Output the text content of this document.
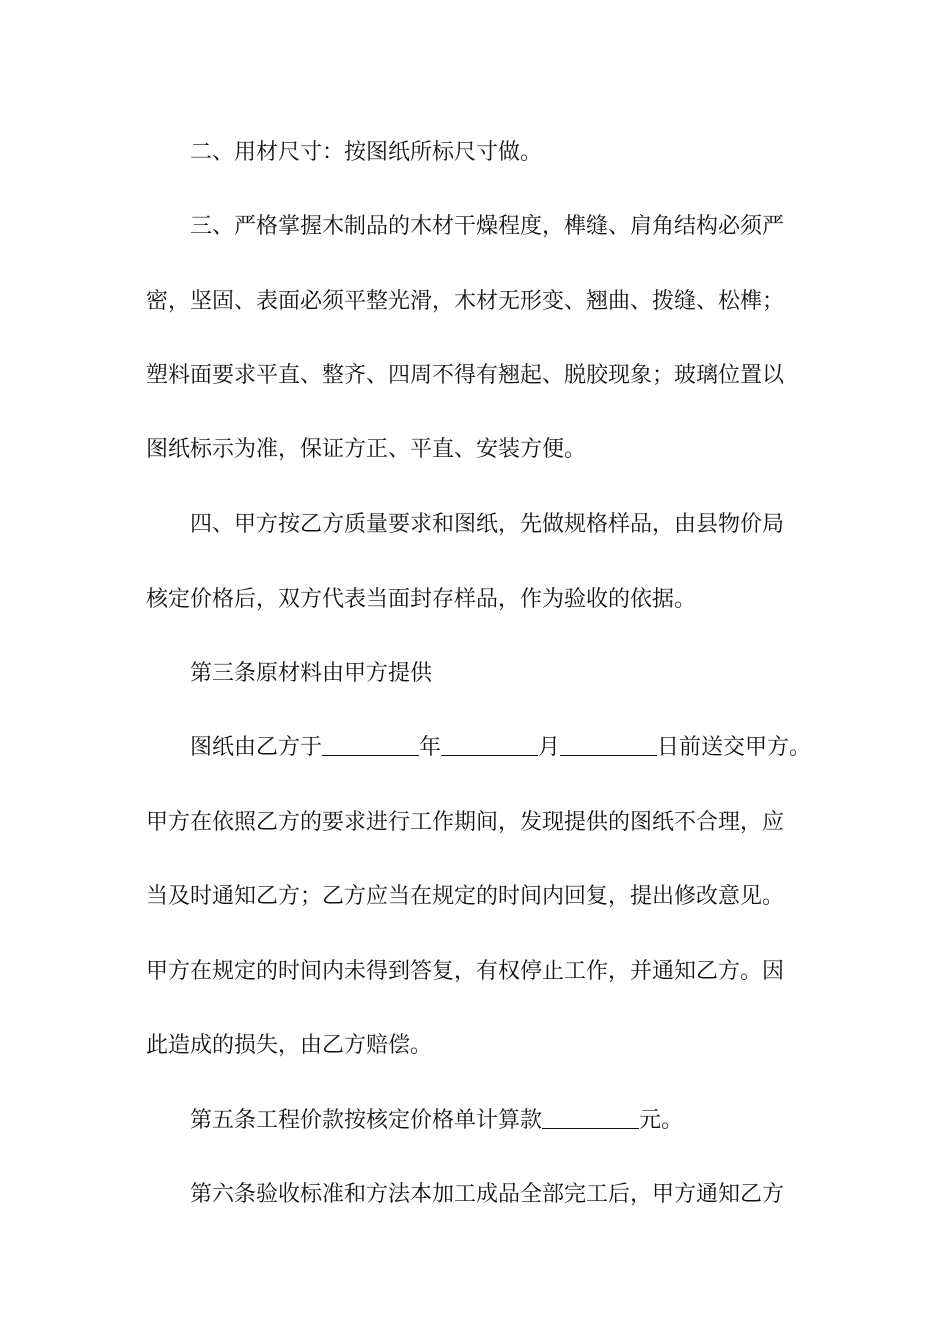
二、用材尺寸：按图纸所标尺寸做。
三、严格掌握木制品的木材干燥程度，榫缝、肩角结构必须严
密，坚固、表面必须平整光滑，木材无形变、翘曲、拨缝、松榫；
塑料面要求平直、整齐、四周不得有翘起、脱胶现象；玻璃位置以
图纸标示为准，保证方正、平直、安装方便。
四、甲方按乙方质量要求和图纸，先做规格样品，由县物价局
核定价格后，双方代表当面封存样品，作为验收的依据。
第三条原材料由甲方提供
图纸由乙方于	年	月	日前送交甲方。
甲方在依照乙方的要求进行工作期间，发现提供的图纸不合理，应
当及时通知乙方；乙方应当在规定的时间内回复，提出修改意见。
甲方在规定的时间内未得到答复，有权停止工作，并通知乙方。因
此造成的损失，由乙方赔偿。
第五条工程价款按核定价格单计算款	元。
第六条验收标准和方法本加工成品全部完工后，甲方通知乙方
